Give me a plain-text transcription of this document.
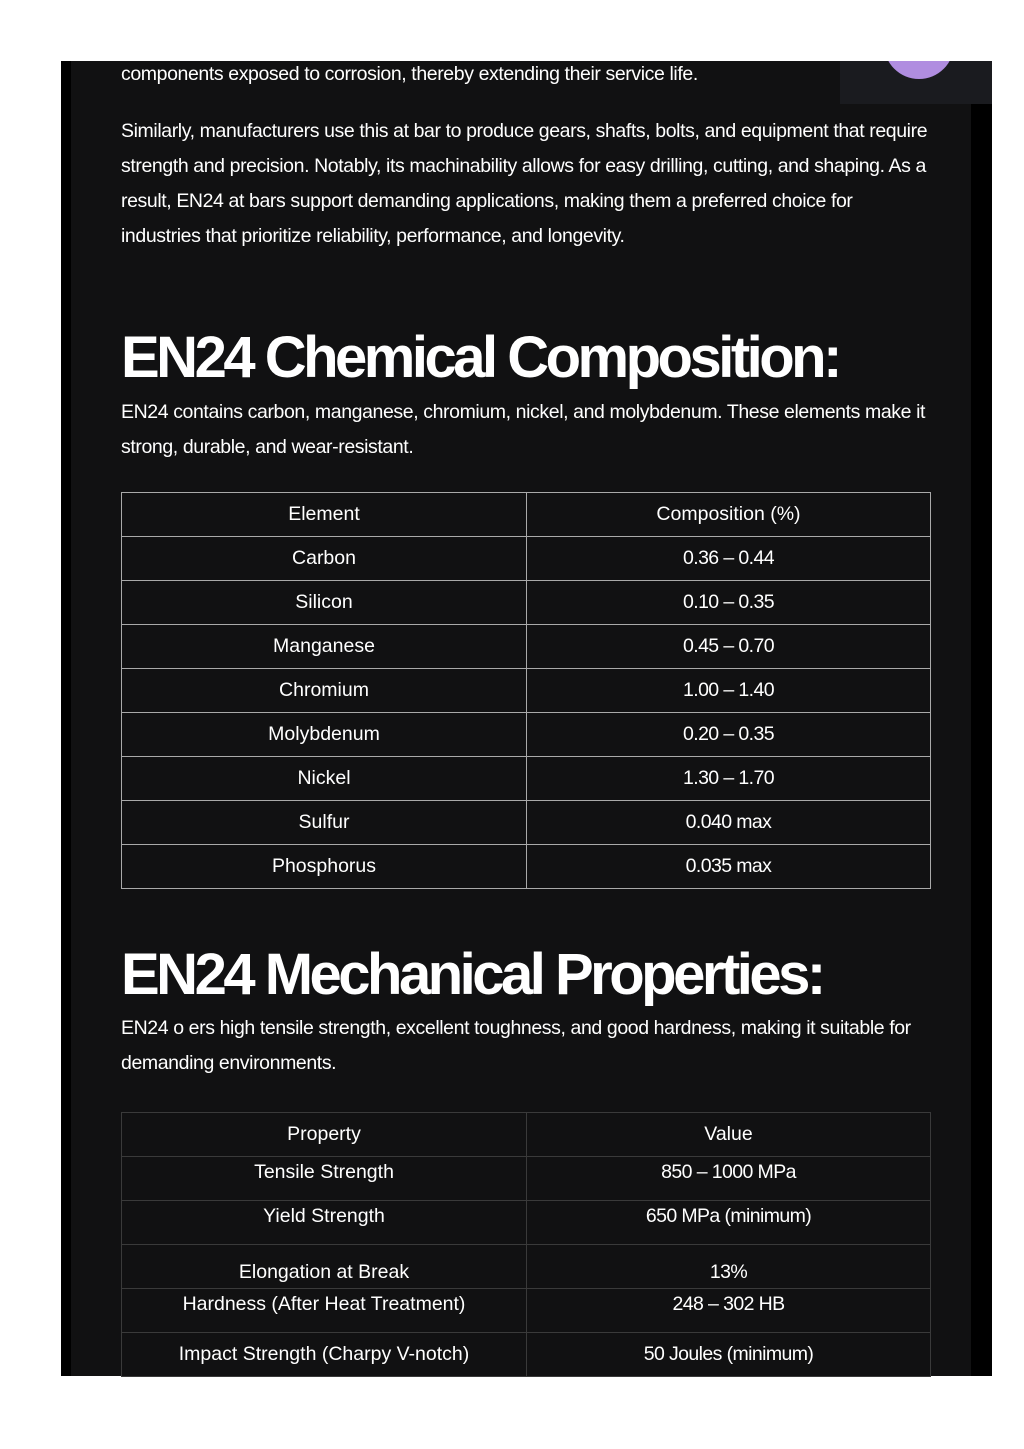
components exposed to corrosion, thereby extending their service life.

Similarly, manufacturers use this at bar to produce gears, shafts, bolts, and equipment that require strength and precision. Notably, its machinability allows for easy drilling, cutting, and shaping. As a result, EN24 at bars support demanding applications, making them a preferred choice for industries that prioritize reliability, performance, and longevity.

EN24 Chemical Composition:

EN24 contains carbon, manganese, chromium, nickel, and molybdenum. These elements make it strong, durable, and wear-resistant.

Element	Composition (%)
Carbon	0.36 – 0.44
Silicon	0.10 – 0.35
Manganese	0.45 – 0.70
Chromium	1.00 – 1.40
Molybdenum	0.20 – 0.35
Nickel	1.30 – 1.70
Sulfur	0.040 max
Phosphorus	0.035 max
EN24 Mechanical Properties:

EN24 o ers high tensile strength, excellent toughness, and good hardness, making it suitable for demanding environments.

Property	Value
Tensile Strength	850 – 1000 MPa
Yield Strength	650 MPa (minimum)
Elongation at Break	13%
Hardness (After Heat Treatment)	248 – 302 HB
Impact Strength (Charpy V-notch)	50 Joules (minimum)
